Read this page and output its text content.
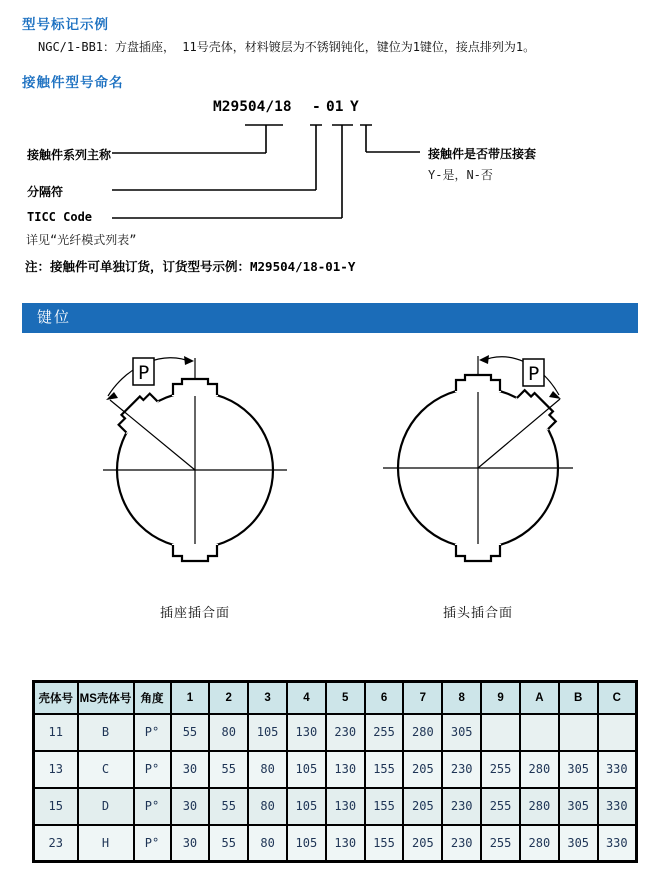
型号标记示例
NGC/1-BB1：方盘插座， 11号壳体，材料镀层为不锈钢钝化，键位为1键位，接点排列为1。
接触件型号命名
M29504/18 - 01 Y
接触件系列主称
分隔符
TICC Code
详见“光纤模式列表”
接触件是否带压接套
Y-是，N-否
注：接触件可单独订货，订货型号示例：M29504/18-01-Y
键位
P
插座插合面
P
插头插合面
壳体号	MS壳体号	角度	1	2	3	4	5	6	7	8	9	A	B	C
11	B	P°	55	80	105	130	230	255	280	305				
13	C	P°	30	55	80	105	130	155	205	230	255	280	305	330
15	D	P°	30	55	80	105	130	155	205	230	255	280	305	330
23	H	P°	30	55	80	105	130	155	205	230	255	280	305	330
